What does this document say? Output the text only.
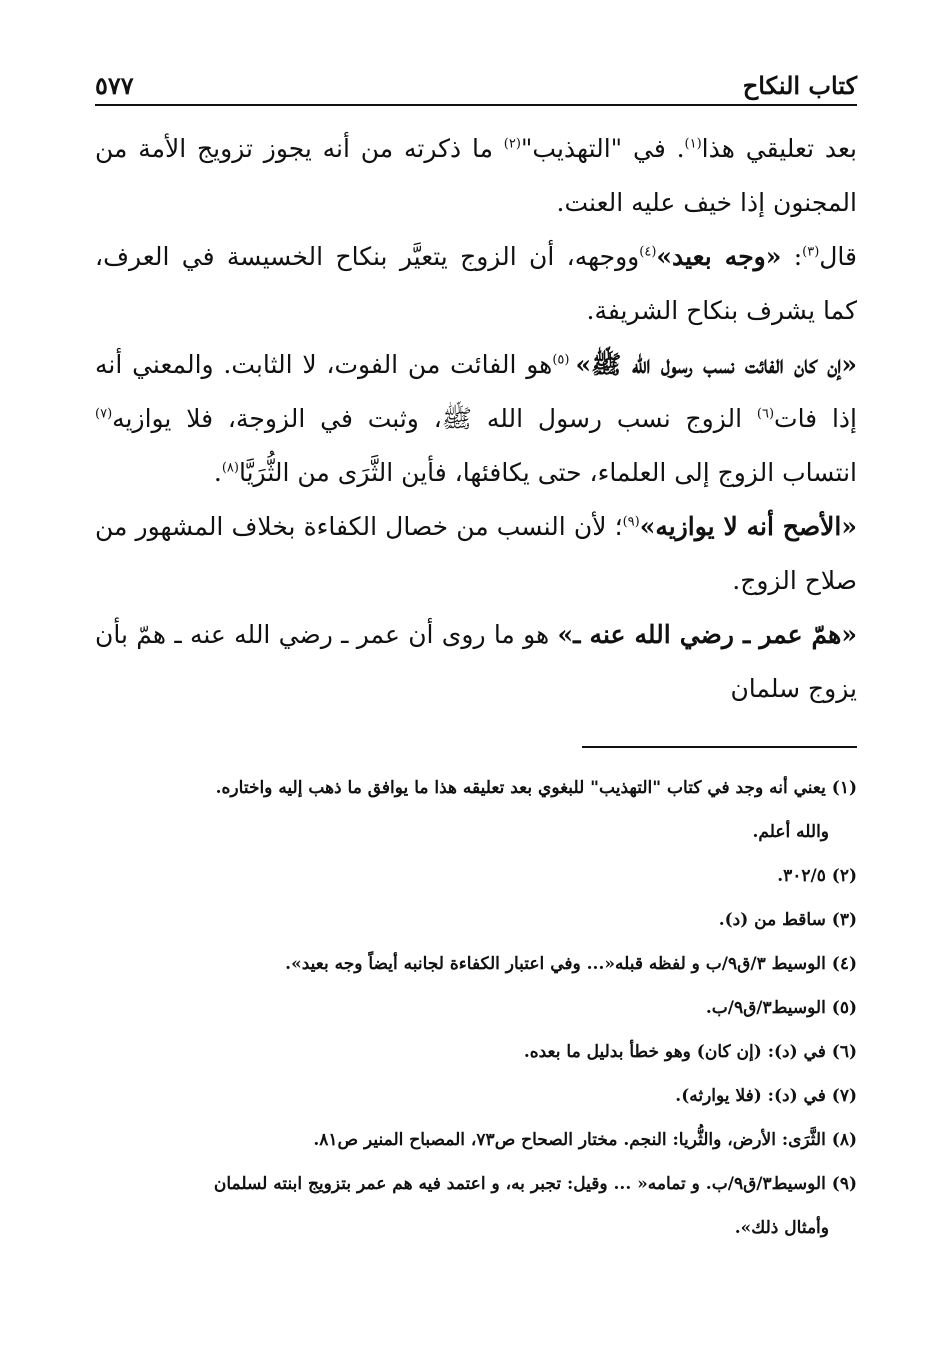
كتاب النكاح
٥٧٧

بعد تعليقي هذا$^{(١)}$. في "التهذيب"$^{(٢)}$ ما ذكرته من أنه يجوز تزويج الأمة من المجنون إذا خيف عليه العنت.

قال$^{(٣)}$: «وجه بعيد»$^{(٤)}$ووجهه، أن الزوج يتعيَّر بنكاح الخسيسة في العرف، كما يشرف بنكاح الشريفة.

«إن كان الفائت نسب رسول الله ﷺ» $^{(٥)}$هو الفائت من الفوت، لا الثابت. والمعني أنه إذا فات$^{(٦)}$ الزوج نسب رسول الله ﷺ، وثبت في الزوجة، فلا يوازيه$^{(٧)}$ انتساب الزوج إلى العلماء، حتى يكافئها، فأين الثَّرَى من الثُّرَيَّا$^{(٨)}$.

«الأصح أنه لا يوازيه»$^{(٩)}$؛ لأن النسب من خصال الكفاءة بخلاف المشهور من صلاح الزوج.

«همّ عمر ـ رضي الله عنه ـ» هو ما روى أن عمر ـ رضي الله عنه ـ همّ بأن يزوج سلمان

(١) يعني أنه وجد في كتاب "التهذيب" للبغوي بعد تعليقه هذا ما يوافق ما ذهب إليه واختاره.
والله أعلم.

(٢) ٣٠٢/٥.

(٣) ساقط من (د).

(٤) الوسيط ٣/ق٩/ب و لفظه قبله«... وفي اعتبار الكفاءة لجانبه أيضاً وجه بعيد».

(٥) الوسيط٣/ق٩/ب.

(٦) في (د): (إن كان) وهو خطأ بدليل ما بعده.

(٧) في (د): (فلا يوارثه).

(٨) الثَّرَى: الأرض، والثُّريا: النجم. مختار الصحاح ص٧٣، المصباح المنير ص٨١.

(٩) الوسيط٣/ق٩/ب. و تمامه« ... وقيل: تجبر به، و اعتمد فيه هم عمر بتزويج ابنته لسلمان
وأمثال ذلك».
